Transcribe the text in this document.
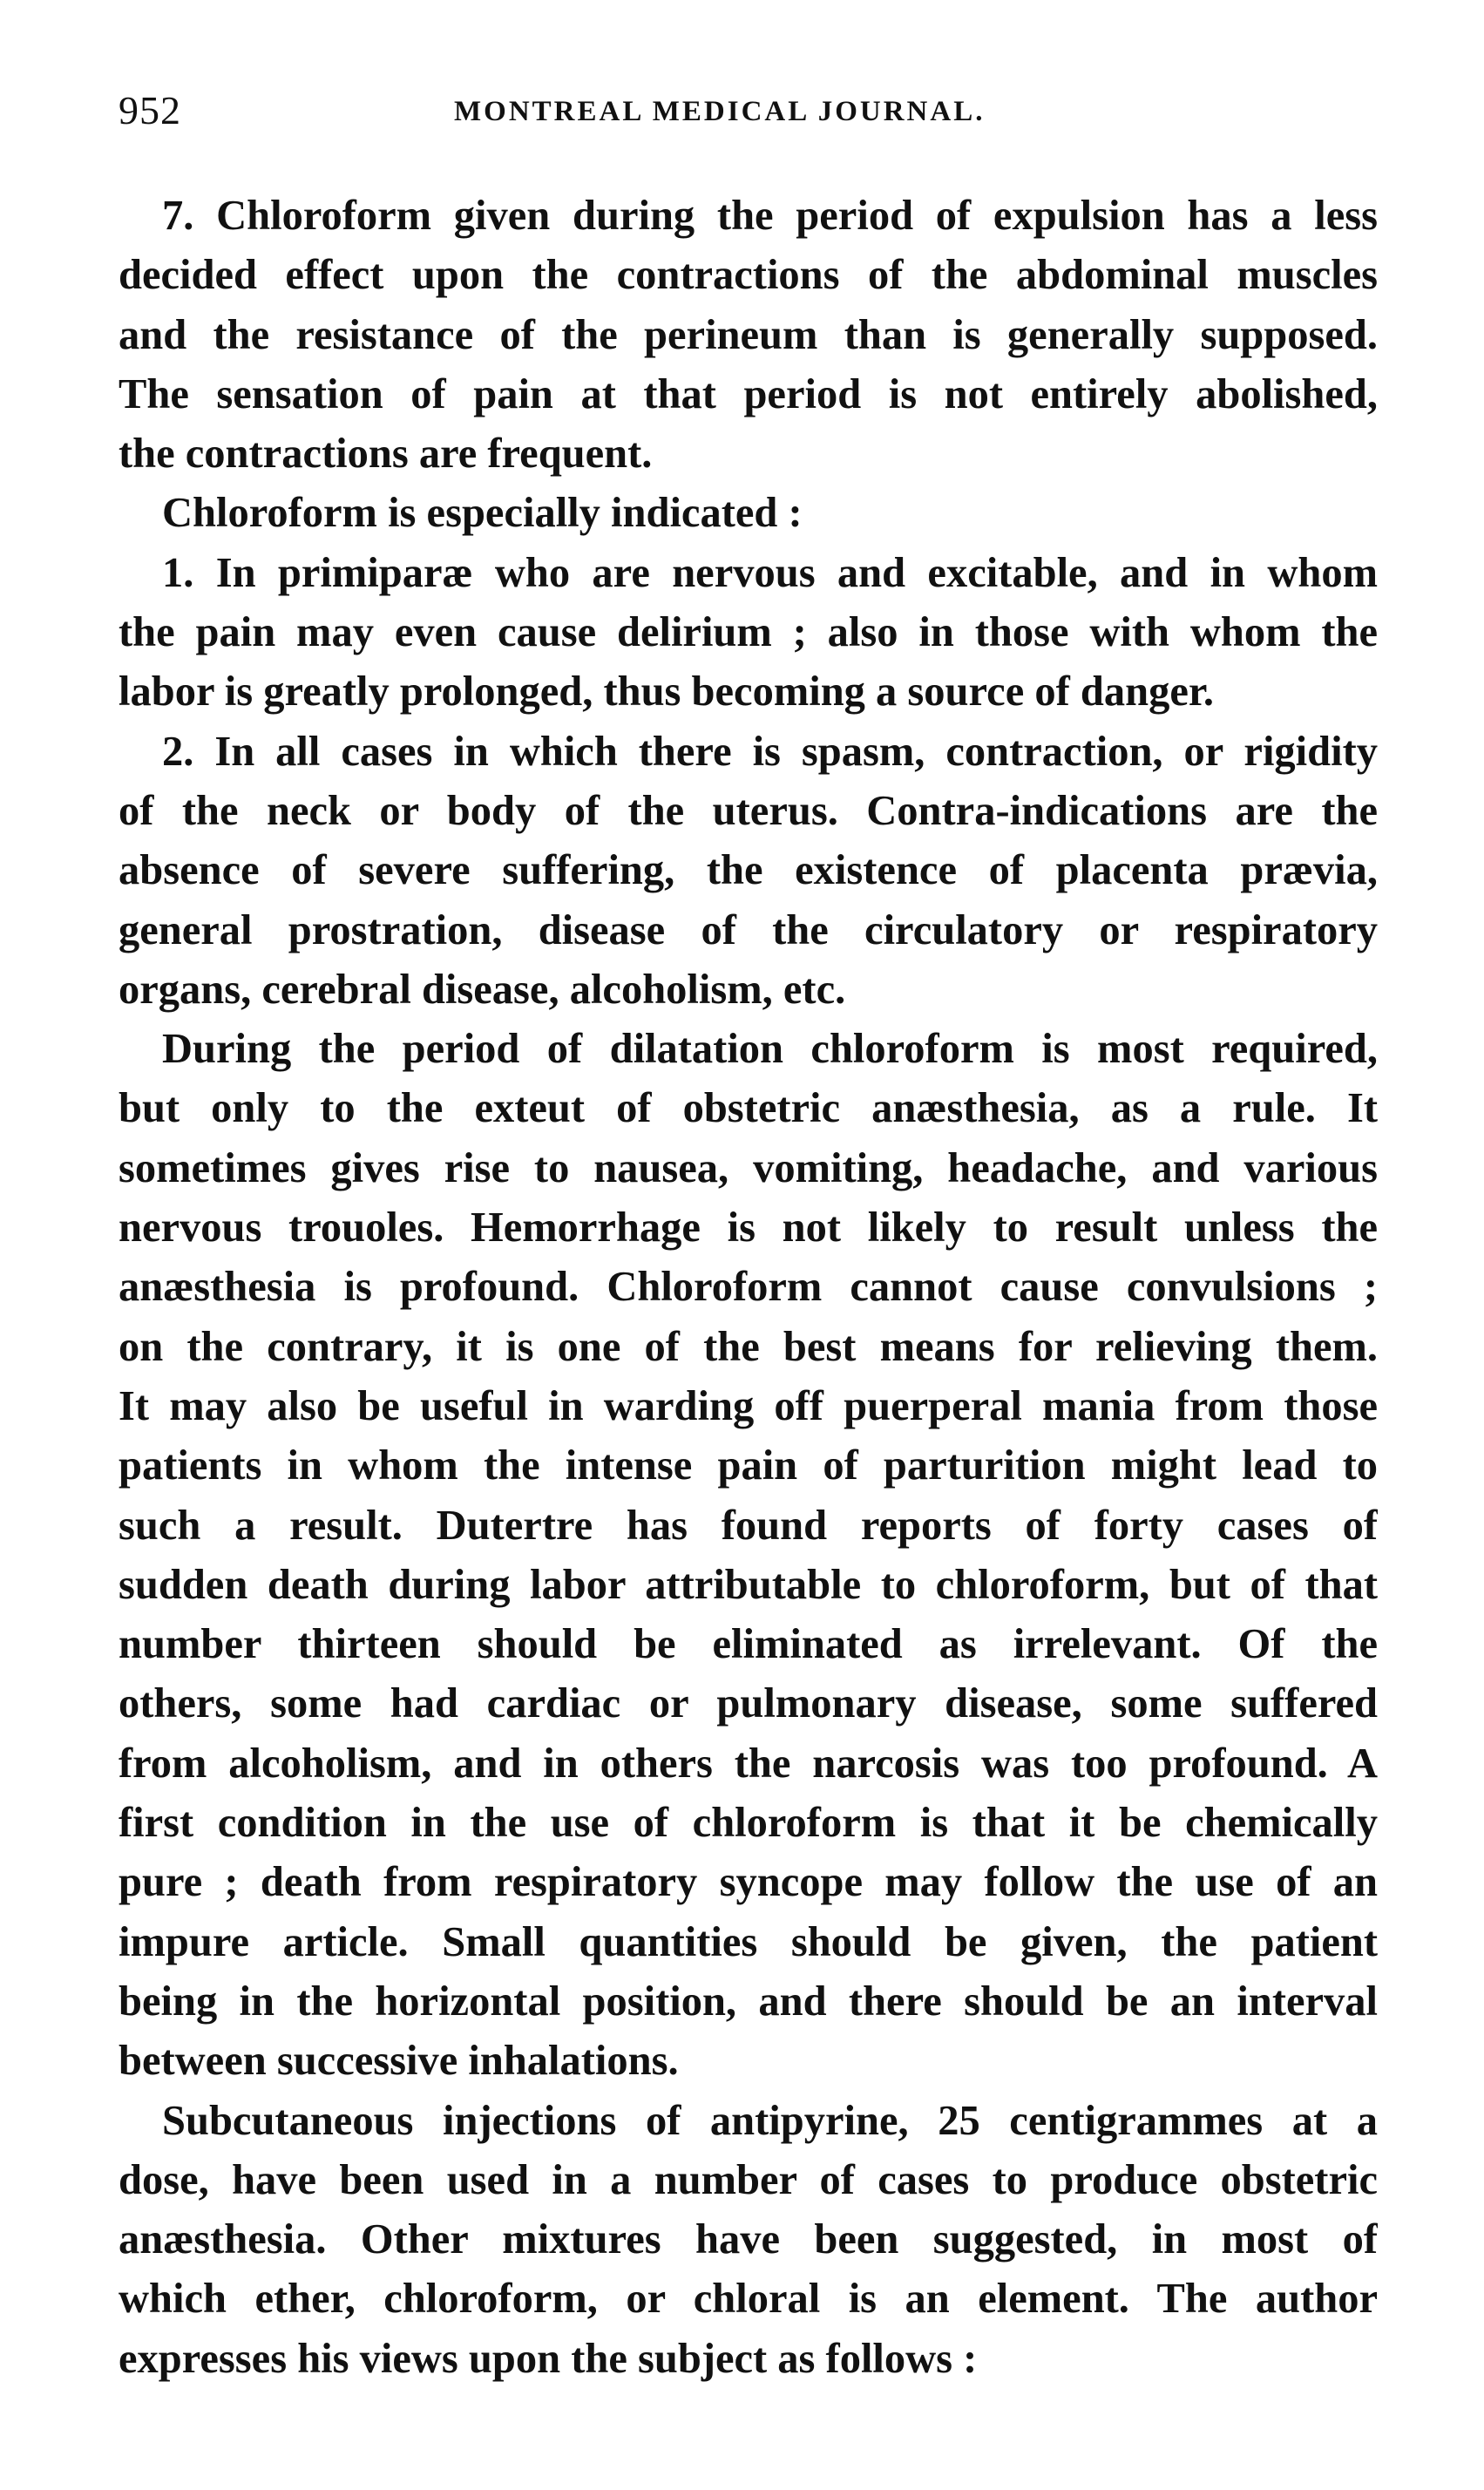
952	MONTREAL MEDICAL JOURNAL.

7. Chloroform given during the period of expulsion has a less
decided effect upon the contractions of the abdominal muscles
and the resistance of the perineum than is generally supposed.
The sensation of pain at that period is not entirely abolished,
the contractions are frequent.

Chloroform is especially indicated :

1. In primiparæ who are nervous and excitable, and in whom
the pain may even cause delirium ; also in those with whom the
labor is greatly prolonged, thus becoming a source of danger.

2. In all cases in which there is spasm, contraction, or rigidity
of the neck or body of the uterus. Contra-indications are the
absence of severe suffering, the existence of placenta prævia,
general prostration, disease of the circulatory or respiratory
organs, cerebral disease, alcoholism, etc.

During the period of dilatation chloroform is most required,
but only to the exteut of obstetric anæsthesia, as a rule. It
sometimes gives rise to nausea, vomiting, headache, and various
nervous trouoles. Hemorrhage is not likely to result unless the
anæsthesia is profound. Chloroform cannot cause convulsions ;
on the contrary, it is one of the best means for relieving them.
It may also be useful in warding off puerperal mania from those
patients in whom the intense pain of parturition might lead to
such a result. Dutertre has found reports of forty cases of
sudden death during labor attributable to chloroform, but of that
number thirteen should be eliminated as irrelevant. Of the
others, some had cardiac or pulmonary disease, some suffered
from alcoholism, and in others the narcosis was too profound. A
first condition in the use of chloroform is that it be chemically
pure ; death from respiratory syncope may follow the use of an
impure article. Small quantities should be given, the patient
being in the horizontal position, and there should be an interval
between successive inhalations.

Subcutaneous injections of antipyrine, 25 centigrammes at a
dose, have been used in a number of cases to produce obstetric
anæsthesia. Other mixtures have been suggested, in most of
which ether, chloroform, or chloral is an element. The author
expresses his views upon the subject as follows :
